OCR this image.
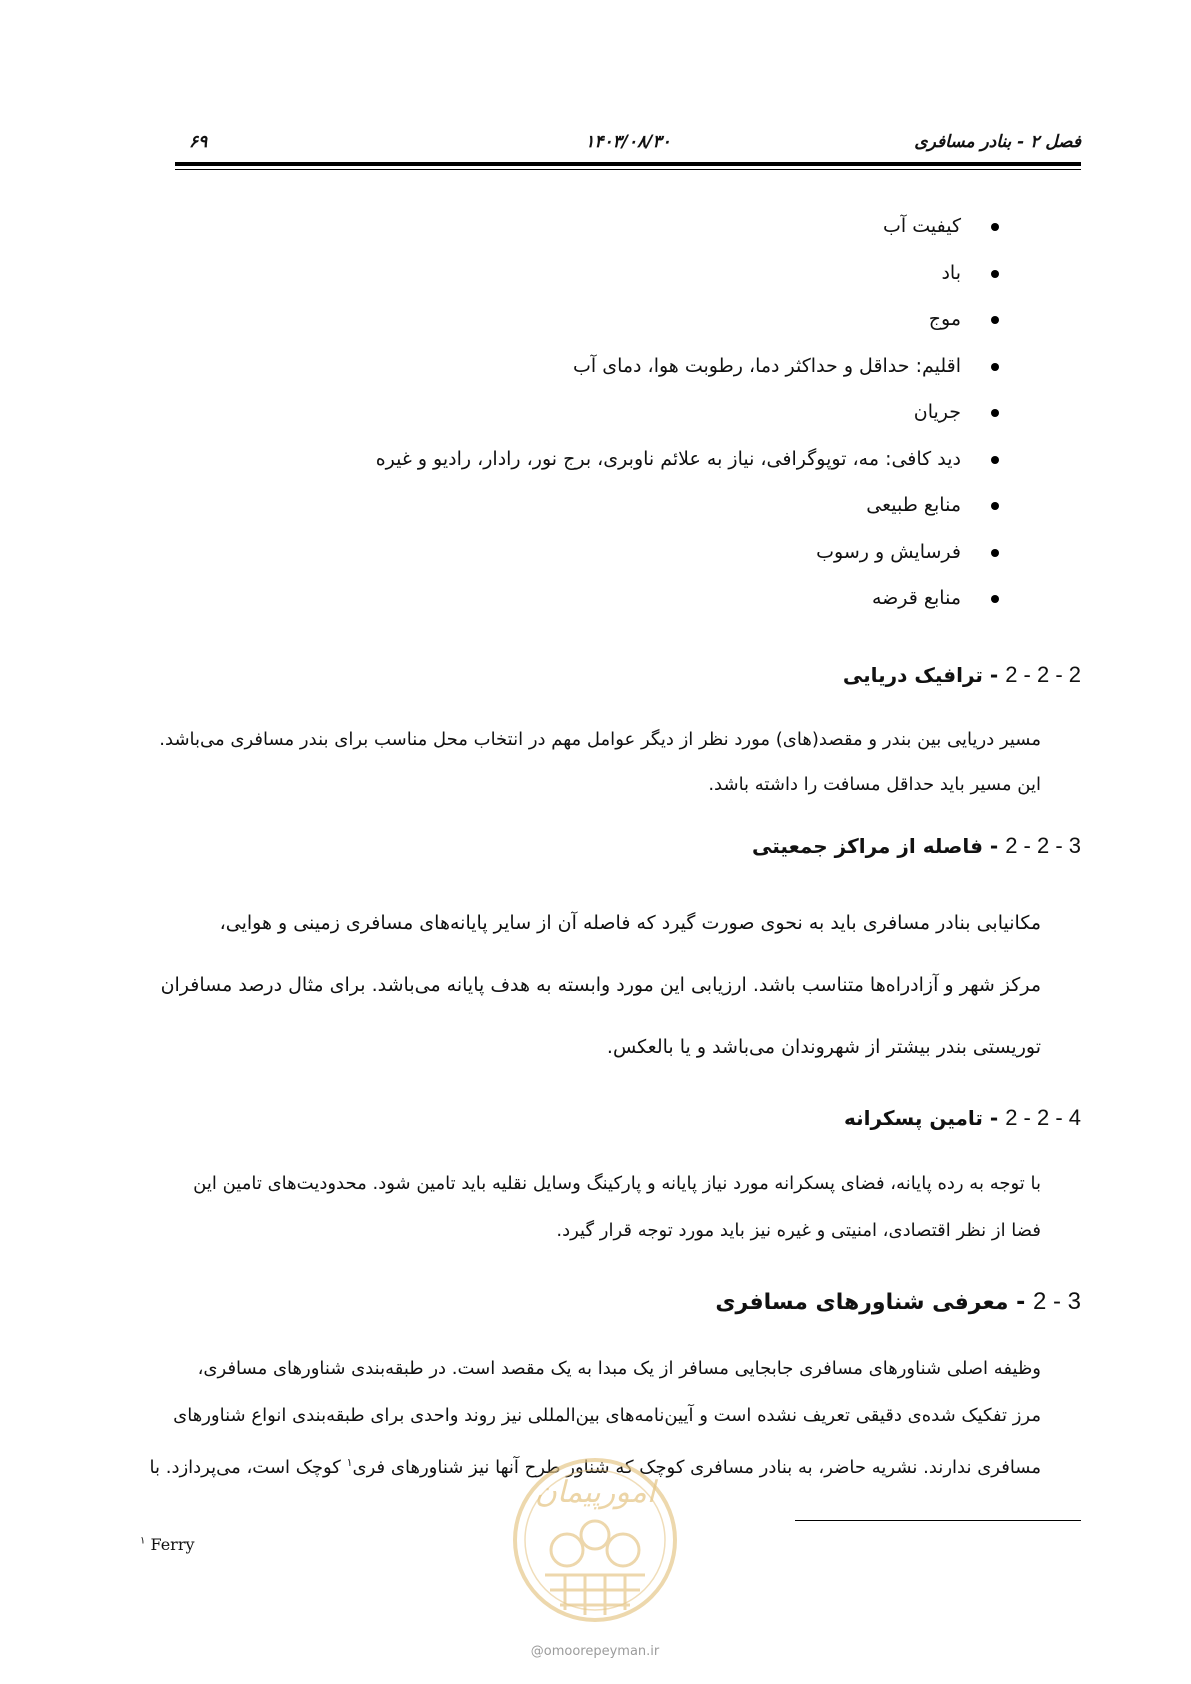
فصل ۲ - بنادر مسافری
۱۴۰۳/۰۸/۳۰
۶۹
کیفیت آب
باد
موج
اقلیم: حداقل و حداکثر دما، رطوبت هوا، دمای آب
جریان
دید کافی: مه، توپوگرافی، نیاز به علائم ناوبری، برج نور، رادار، رادیو و غیره
منابع طبیعی
فرسایش و رسوب
منابع قرضه
2 - 2 - 2 - ترافیک دریایی
مسیر دریایی بین بندر و مقصد(های) مورد نظر از دیگر عوامل مهم در انتخاب محل مناسب برای بندر مسافری می‌باشد.
این مسیر باید حداقل مسافت را داشته باشد.
2 - 2 - 3 - فاصله از مراکز جمعیتی
مکانیابی بنادر مسافری باید به نحوی صورت گیرد که فاصله آن از سایر پایانه‌های مسافری زمینی و هوایی،
مرکز شهر و آزادراه‌ها متناسب باشد. ارزیابی این مورد وابسته به هدف پایانه می‌باشد. برای مثال درصد مسافران
توریستی بندر بیشتر از شهروندان می‌باشد و یا بالعکس.
2 - 2 - 4 - تامین پسکرانه
با توجه به رده پایانه، فضای پسکرانه مورد نیاز پایانه و پارکینگ وسایل نقلیه باید تامین شود. محدودیت‌های تامین این
فضا از نظر اقتصادی، امنیتی و غیره نیز باید مورد توجه قرار گیرد.
2 - 3 - معرفی شناورهای مسافری
وظیفه اصلی شناورهای مسافری جابجایی مسافر از یک مبدا به یک مقصد است. در طبقه‌بندی شناورهای مسافری،
مرز تفکیک شده‌ی دقیقی تعریف نشده است و آیین‌نامه‌های بین‌المللی نیز روند واحدی برای طبقه‌بندی انواع شناورهای
مسافری ندارند. نشریه حاضر، به بنادر مسافری کوچک که شناور طرح آنها نیز شناورهای فری$^۱$ کوچک است، می‌پردازد. با
امورپیمان
@omoorepeyman.ir
$^۱$ Ferry
